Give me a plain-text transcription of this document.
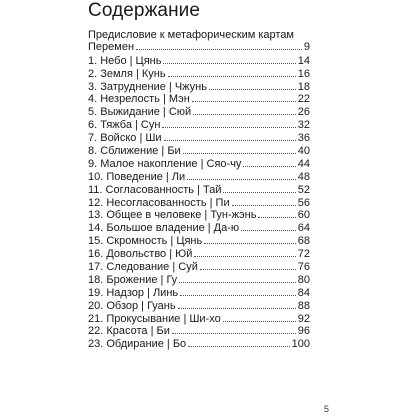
Содержание
Предисловие к метафорическим картам
Перемен	9
1. Небо | Цянь	14
2. Земля | Кунь	16
3. Затруднение | Чжунь	18
4. Незрелость | Мэн	22
5. Выжидание | Сюй	26
6. Тяжба | Сун	32
7. Войско | Ши	36
8. Сближение | Би	40
9. Малое накопление | Сяо-чу	44
10. Поведение | Ли	48
11. Согласованность | Тай	52
12. Несогласованность | Пи	56
13. Общее в человеке | Тун-жэнь	60
14. Большое владение | Да-ю	64
15. Скромность | Цянь	68
16. Довольство | Юй	72
17. Следование | Суй	76
18. Брожение | Гу	80
19. Надзор | Линь	84
20. Обзор | Гуань	88
21. Прокусывание | Ши-хо	92
22. Красота | Би	96
23. Обдирание | Бо	100
5
